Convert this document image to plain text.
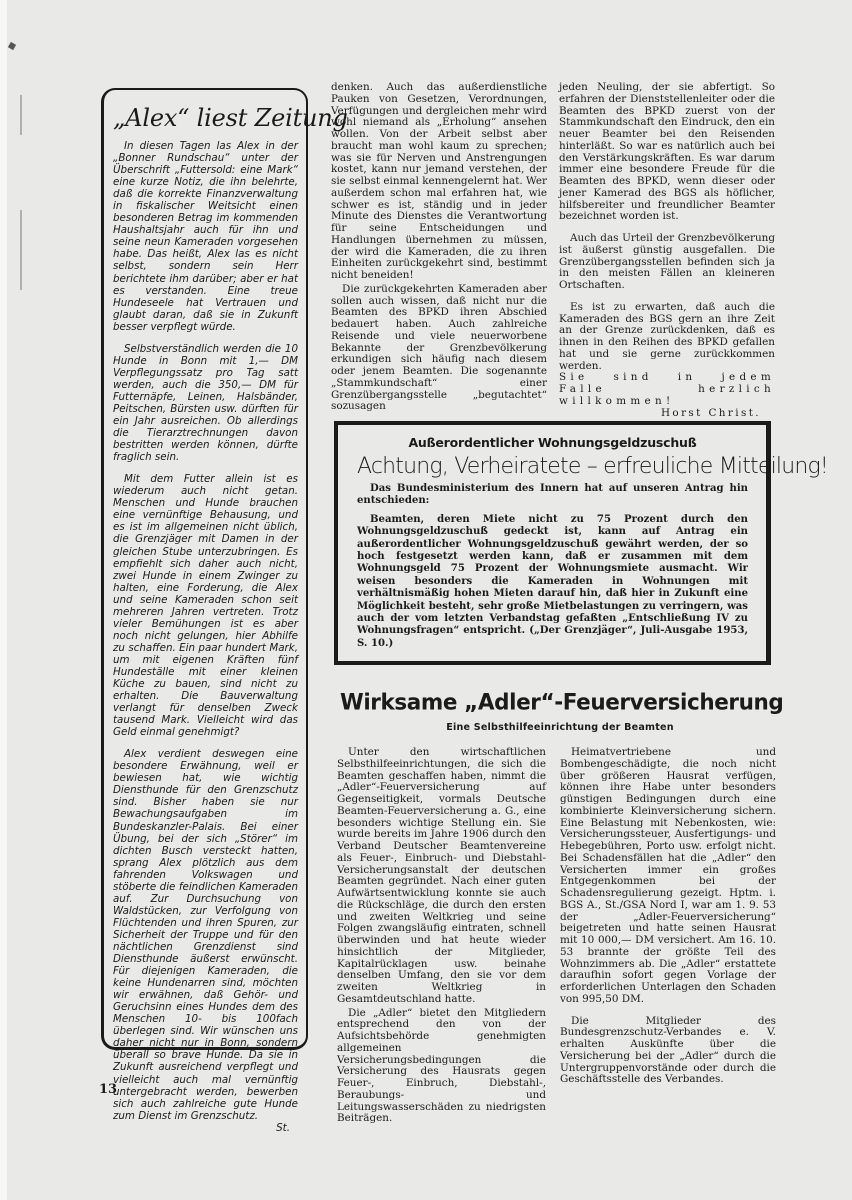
„Alex“ liest Zeitung

In diesen Tagen las Alex in der „Bonner Rundschau“ unter der Überschrift „Futtersold: eine Mark“ eine kurze Notiz, die ihn belehrte, daß die korrekte Finanzverwaltung in fiskalischer Weitsicht einen besonderen Betrag im kommenden Haushaltsjahr auch für ihn und seine neun Kameraden vorgesehen habe. Das heißt, Alex las es nicht selbst, sondern sein Herr berichtete ihm darüber; aber er hat es verstanden. Eine treue Hundeseele hat Vertrauen und glaubt daran, daß sie in Zukunft besser verpflegt würde.

Selbstverständlich werden die 10 Hunde in Bonn mit 1,— DM Verpflegungssatz pro Tag satt werden, auch die 350,— DM für Futternäpfe, Leinen, Halsbänder, Peitschen, Bürsten usw. dürften für ein Jahr ausreichen. Ob allerdings die Tierarztrechnungen davon bestritten werden können, dürfte fraglich sein.

Mit dem Futter allein ist es wiederum auch nicht getan. Menschen und Hunde brauchen eine vernünftige Behausung, und es ist im allgemeinen nicht üblich, die Grenzjäger mit Damen in der gleichen Stube unterzubringen. Es empfiehlt sich daher auch nicht, zwei Hunde in einem Zwinger zu halten, eine Forderung, die Alex und seine Kameraden schon seit mehreren Jahren vertreten. Trotz vieler Bemühungen ist es aber noch nicht gelungen, hier Abhilfe zu schaffen. Ein paar hundert Mark, um mit eigenen Kräften fünf Hundeställe mit einer kleinen Küche zu bauen, sind nicht zu erhalten. Die Bauverwaltung verlangt für denselben Zweck tausend Mark. Vielleicht wird das Geld einmal genehmigt?

Alex verdient deswegen eine besondere Erwähnung, weil er bewiesen hat, wie wichtig Diensthunde für den Grenzschutz sind. Bisher haben sie nur Bewachungsaufgaben im Bundeskanzler-Palais. Bei einer Übung, bei der sich „Störer“ im dichten Busch versteckt hatten, sprang Alex plötzlich aus dem fahrenden Volkswagen und stöberte die feindlichen Kameraden auf. Zur Durchsuchung von Waldstücken, zur Verfolgung von Flüchtenden und ihren Spuren, zur Sicherheit der Truppe und für den nächtlichen Grenzdienst sind Diensthunde äußerst erwünscht. Für diejenigen Kameraden, die keine Hundenarren sind, möchten wir erwähnen, daß Gehör- und Geruchsinn eines Hundes dem des Menschen 10- bis 100fach überlegen sind. Wir wünschen uns daher nicht nur in Bonn, sondern überall so brave Hunde. Da sie in Zukunft ausreichend verpflegt und vielleicht auch mal vernünftig untergebracht werden, bewerben sich auch zahlreiche gute Hunde zum Dienst im Grenzschutz.

St.
13

denken. Auch das außerdienstliche Pauken von Gesetzen, Verordnungen, Verfügungen und dergleichen mehr wird wohl niemand als „Erholung“ ansehen wollen. Von der Arbeit selbst aber braucht man wohl kaum zu sprechen; was sie für Nerven und Anstrengungen kostet, kann nur jemand verstehen, der sie selbst einmal kennengelernt hat. Wer außerdem schon mal erfahren hat, wie schwer es ist, ständig und in jeder Minute des Dienstes die Verantwortung für seine Entscheidungen und Handlungen übernehmen zu müssen, der wird die Kameraden, die zu ihren Einheiten zurückgekehrt sind, bestimmt nicht beneiden!

Die zurückgekehrten Kameraden aber sollen auch wissen, daß nicht nur die Beamten des BPKD ihren Abschied bedauert haben. Auch zahlreiche Reisende und viele neuerworbene Bekannte der Grenzbevölkerung erkundigen sich häufig nach diesem oder jenem Beamten. Die sogenannte „Stammkundschaft“ einer Grenzübergangsstelle „begutachtet“ sozusagen

jeden Neuling, der sie abfertigt. So erfahren der Dienststellenleiter oder die Beamten des BPKD zuerst von der Stammkundschaft den Eindruck, den ein neuer Beamter bei den Reisenden hinterläßt. So war es natürlich auch bei den Verstärkungskräften. Es war darum immer eine besondere Freude für die Beamten des BPKD, wenn dieser oder jener Kamerad des BGS als höflicher, hilfsbereiter und freundlicher Beamter bezeichnet worden ist.

Auch das Urteil der Grenzbevölkerung ist äußerst günstig ausgefallen. Die Grenzübergangsstellen befinden sich ja in den meisten Fällen an kleineren Ortschaften.

Es ist zu erwarten, daß auch die Kameraden des BGS gern an ihre Zeit an der Grenze zurückdenken, daß es ihnen in den Reihen des BPKD gefallen hat und sie gerne zurückkommen werden.

Sie sind in jedem Falle herzlich willkommen!

Horst Christ.

Außerordentlicher Wohnungsgeldzuschuß
Achtung, Verheiratete – erfreuliche Mitteilung!

Das Bundesministerium des Innern hat auf unseren Antrag hin entschieden:

Beamten, deren Miete nicht zu 75 Prozent durch den Wohnungsgeldzuschuß gedeckt ist, kann auf Antrag ein außerordentlicher Wohnungsgeldzuschuß gewährt werden, der so hoch festgesetzt werden kann, daß er zusammen mit dem Wohnungsgeld 75 Prozent der Wohnungsmiete ausmacht. Wir weisen besonders die Kameraden in Wohnungen mit verhältnismäßig hohen Mieten darauf hin, daß hier in Zukunft eine Möglichkeit besteht, sehr große Mietbelastungen zu verringern, was auch der vom letzten Verbandstag gefaßten „Entschließung IV zu Wohnungsfragen“ entspricht. („Der Grenzjäger“, Juli-Ausgabe 1953, S. 10.)

Wirksame „Adler“-Feuerversicherung
Eine Selbsthilfeeinrichtung der Beamten

Unter den wirtschaftlichen Selbsthilfeeinrichtungen, die sich die Beamten geschaffen haben, nimmt die „Adler“-Feuerversicherung auf Gegenseitigkeit, vormals Deutsche Beamten-Feuerversicherung a. G., eine besonders wichtige Stellung ein. Sie wurde bereits im Jahre 1906 durch den Verband Deutscher Beamtenvereine als Feuer-, Einbruch- und Diebstahl-Versicherungsanstalt der deutschen Beamten gegründet. Nach einer guten Aufwärtsentwicklung konnte sie auch die Rückschläge, die durch den ersten und zweiten Weltkrieg und seine Folgen zwangsläufig eintraten, schnell überwinden und hat heute wieder hinsichtlich der Mitglieder, Kapitalrücklagen usw. beinahe denselben Umfang, den sie vor dem zweiten Weltkrieg in Gesamtdeutschland hatte.

Die „Adler“ bietet den Mitgliedern entsprechend den von der Aufsichtsbehörde genehmigten allgemeinen Versicherungsbedingungen die Versicherung des Hausrats gegen Feuer-, Einbruch, Diebstahl-, Beraubungs- und Leitungswasserschäden zu niedrigsten Beiträgen.

Heimatvertriebene und Bombengeschädigte, die noch nicht über größeren Hausrat verfügen, können ihre Habe unter besonders günstigen Bedingungen durch eine kombinierte Kleinversicherung sichern. Eine Belastung mit Nebenkosten, wie: Versicherungssteuer, Ausfertigungs- und Hebegebühren, Porto usw. erfolgt nicht. Bei Schadensfällen hat die „Adler“ den Versicherten immer ein großes Entgegenkommen bei der Schadensregulierung gezeigt. Hptm. i. BGS A., St./GSA Nord I, war am 1. 9. 53 der „Adler-Feuerversicherung“ beigetreten und hatte seinen Hausrat mit 10 000,— DM versichert. Am 16. 10. 53 brannte der größte Teil des Wohnzimmers ab. Die „Adler“ erstattete daraufhin sofort gegen Vorlage der erforderlichen Unterlagen den Schaden von 995,50 DM.

Die Mitglieder des Bundesgrenzschutz-Verbandes e. V. erhalten Auskünfte über die Versicherung bei der „Adler“ durch die Untergruppenvorstände oder durch die Geschäftsstelle des Verbandes.
